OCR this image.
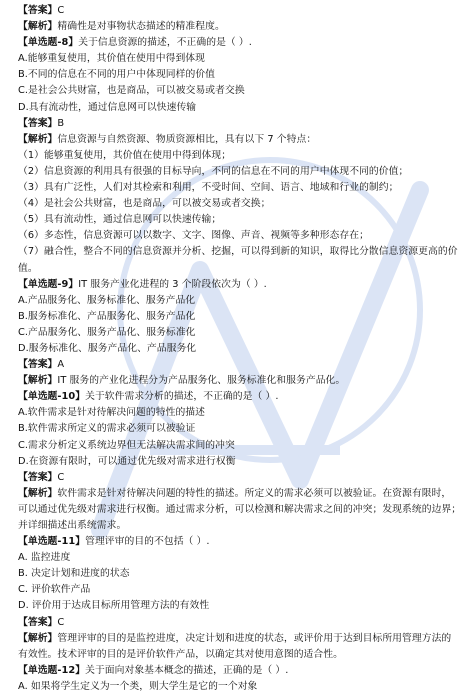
【答案】C
【解析】精确性是对事物状态描述的精准程度。
【单选题-8】关于信息资源的描述，不正确的是（ ）.
A.能够重复使用，其价值在使用中得到体现
B.不同的信息在不同的用户中体现同样的价值
C.是社会公共财富，也是商品，可以被交易或者交换
D.具有流动性，通过信息网可以快速传输
【答案】B
【解析】信息资源与自然资源、物质资源相比，具有以下 7 个特点：
（1）能够重复使用，其价值在使用中得到体现；
（2）信息资源的利用具有很强的目标导向，不同的信息在不同的用户中体现不同的价值；
（3）具有广泛性，人们对其检索和利用，不受时间、空间、语言、地域和行业的制约；
（4）是社会公共财富，也是商品，可以被交易或者交换；
（5）具有流动性，通过信息网可以快速传输；
（6）多态性，信息资源可以以数字、文字、图像、声音、视频等多种形态存在；
（7）融合性，整合不同的信息资源并分析、挖掘，可以得到新的知识，取得比分散信息资源更高的价
值。
【单选题-9】IT 服务产业化进程的 3 个阶段依次为（ ）.
A.产品服务化、服务标准化、服务产品化
B.服务标准化、产品服务化、服务产品化
C.产品服务化、服务产品化、服务标准化
D.服务标准化、服务产品化、产品服务化
【答案】A
【解析】IT 服务的产业化进程分为产品服务化、服务标准化和服务产品化。
【单选题-10】关于软件需求分析的描述，不正确的是（ ）.
A.软件需求是针对待解决问题的特性的描述
B.软件需求所定义的需求必须可以被验证
C.需求分析定义系统边界但无法解决需求间的冲突
D.在资源有限时，可以通过优先级对需求进行权衡
【答案】C
【解析】软件需求是针对待解决问题的特性的描述。所定义的需求必须可以被验证。在资源有限时，
可以通过优先级对需求进行权衡。通过需求分析，可以检测和解决需求之间的冲突；发现系统的边界；
并详细描述出系统需求。
【单选题-11】管理评审的目的不包括（ ）.
A. 监控进度
B. 决定计划和进度的状态
C. 评价软件产品
D. 评价用于达成目标所用管理方法的有效性
【答案】C
【解析】管理评审的目的是监控进度，决定计划和进度的状态，或评价用于达到目标所用管理方法的
有效性。技术评审的目的是评价软件产品，以确定其对使用意图的适合性。
【单选题-12】关于面向对象基本概念的描述，正确的是（ ）.
A. 如果将学生定义为一个类，则大学生是它的一个对象
